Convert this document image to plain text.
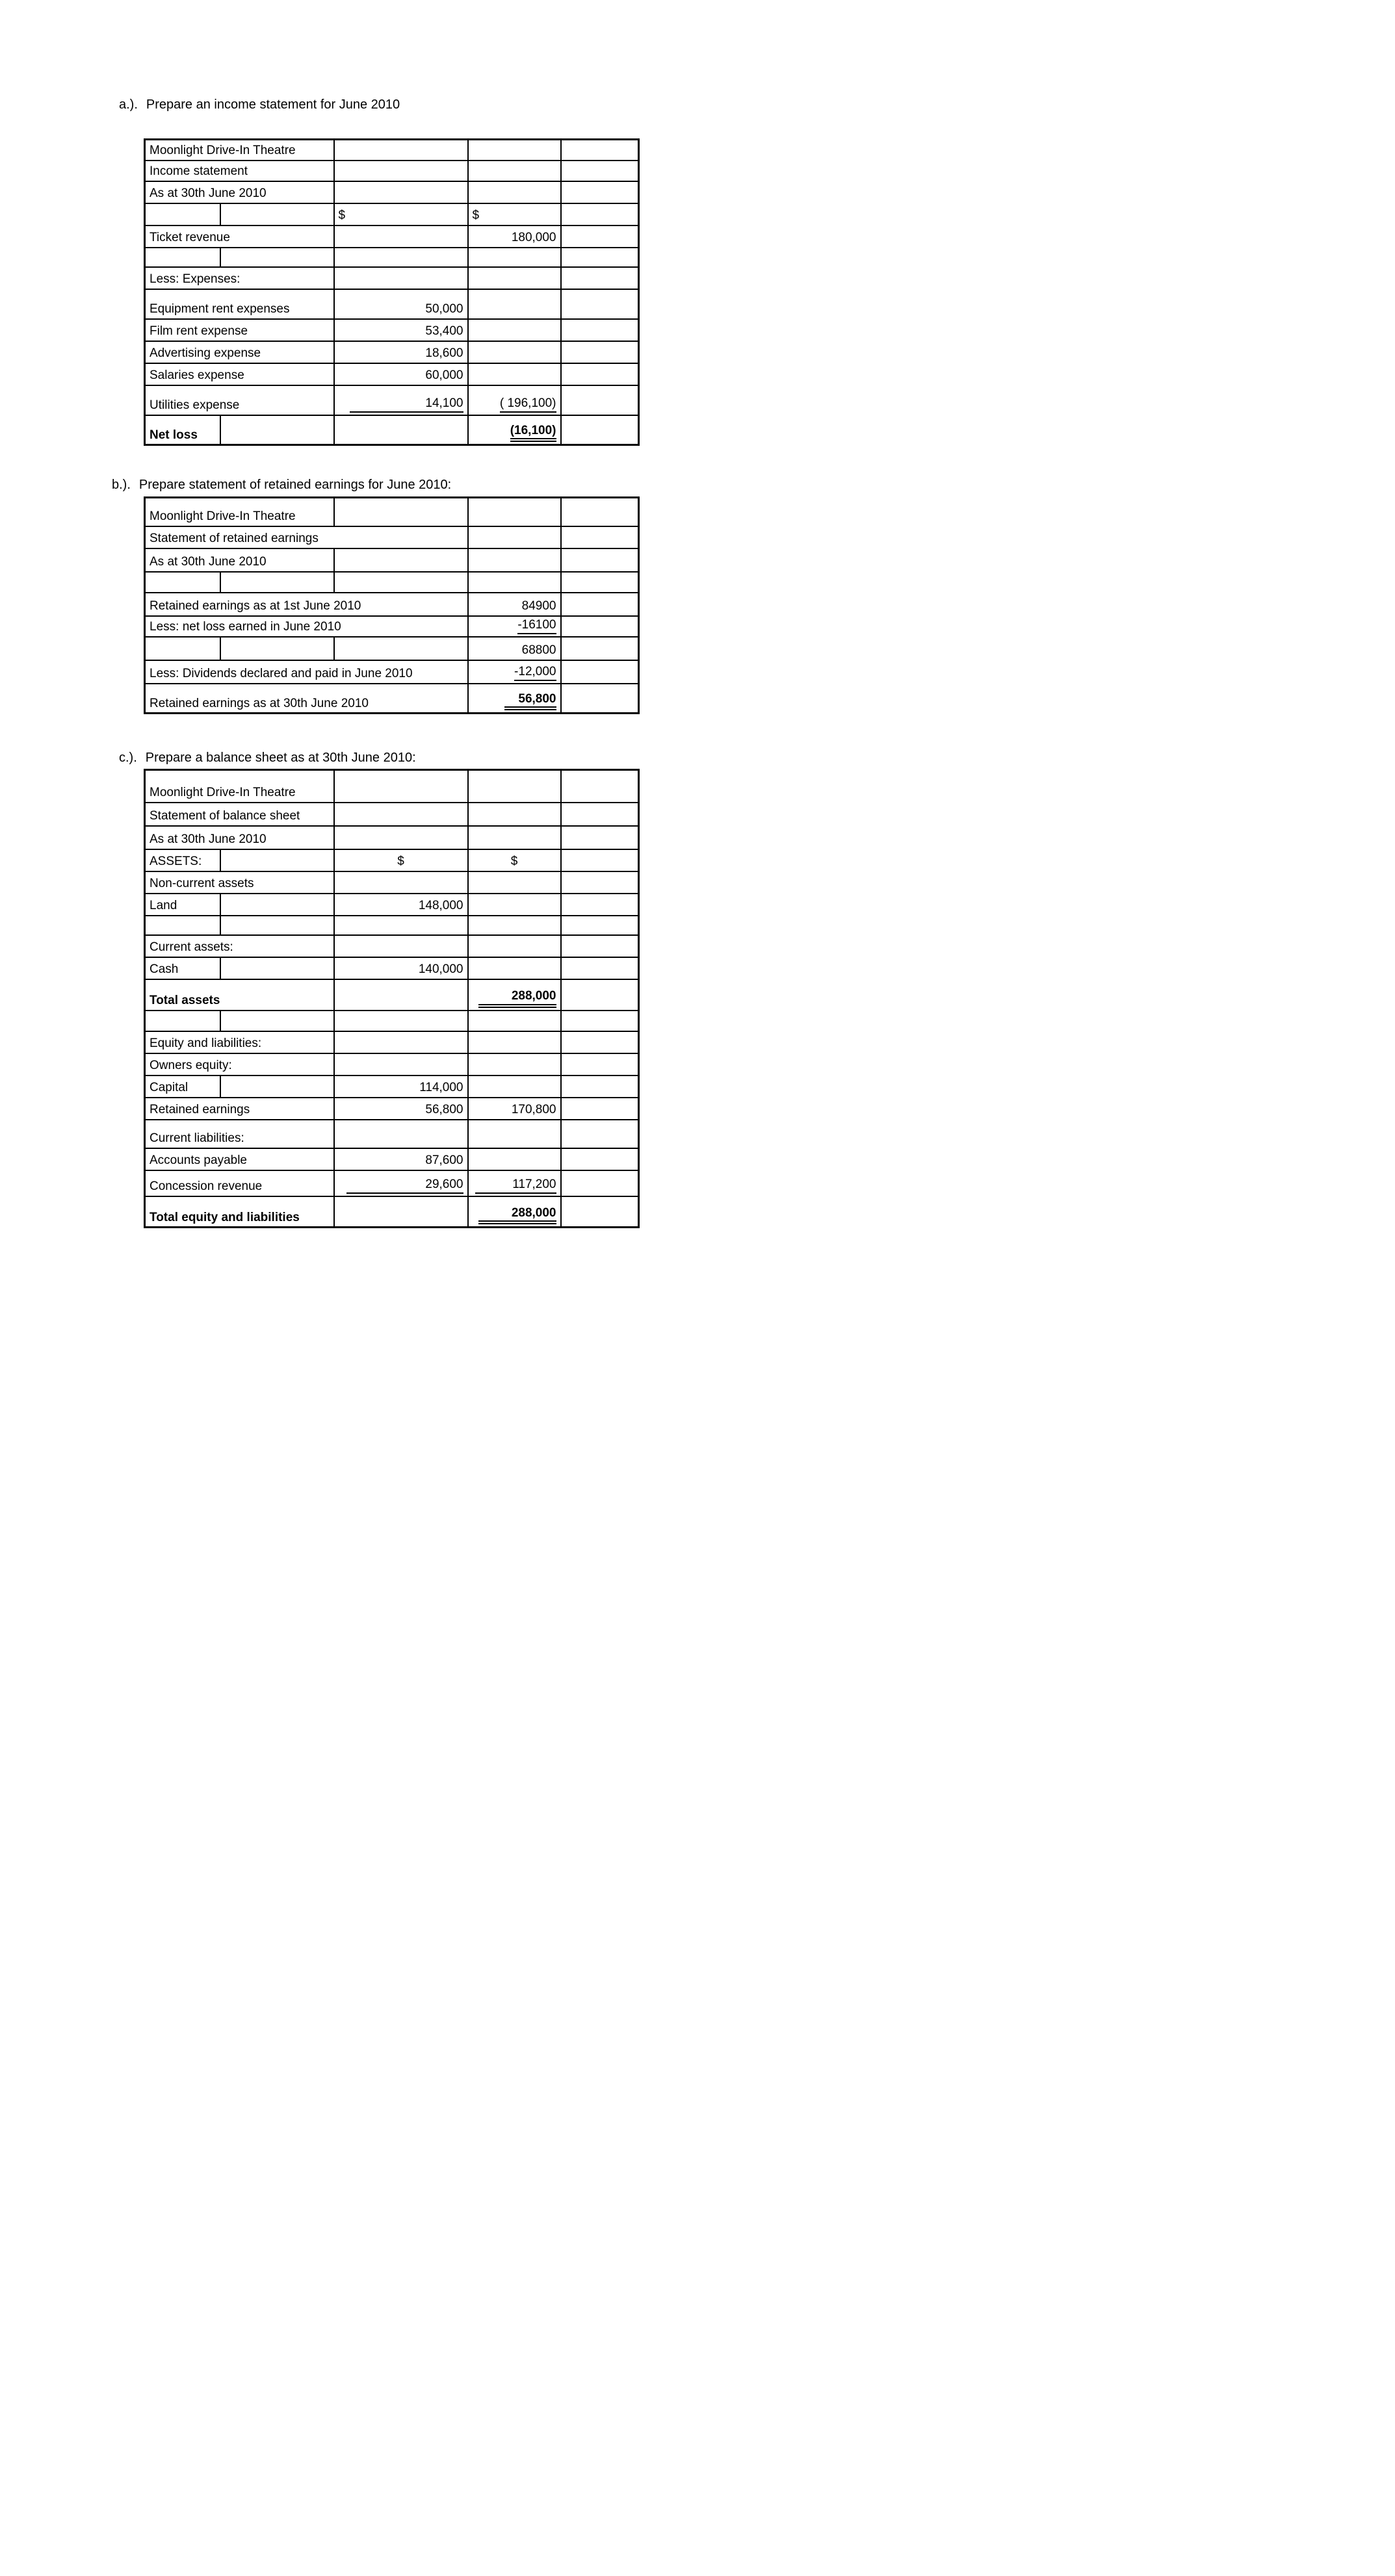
a.). Prepare an income statement for June 2010
Moonlight Drive-In Theatre				
Income statement				
As at 30th June 2010				
		$	$	
Ticket revenue			180,000	

Less: Expenses:				
Equipment rent expenses		50,000		
Film rent expense		53,400		
Advertising expense		18,600		
Salaries expense		60,000		
Utilities expense		14,100	( 196,100)	
Net loss			(16,100)	
b.). Prepare statement of retained earnings for June 2010:
Moonlight Drive-In Theatre				
Statement of retained earnings				
As at 30th June 2010				

Retained earnings as at 1st June 2010			84900	
Less: net loss earned in June 2010			-16100	
			68800	
Less: Dividends declared and paid in June 2010			-12,000	
Retained earnings as at 30th June 2010			56,800	
c.). Prepare a balance sheet as at 30th June 2010:
Moonlight Drive-In Theatre				
Statement of balance sheet				
As at 30th June 2010				
ASSETS:		$	$	
Non-current assets				
Land		148,000		

Current assets:				
Cash		140,000		
Total assets			288,000	

Equity and liabilities:				
Owners equity:				
Capital		114,000		
Retained earnings		56,800	170,800	
Current liabilities:				
Accounts payable		87,600		
Concession revenue		29,600	117,200	
Total equity and liabilities			288,000	
